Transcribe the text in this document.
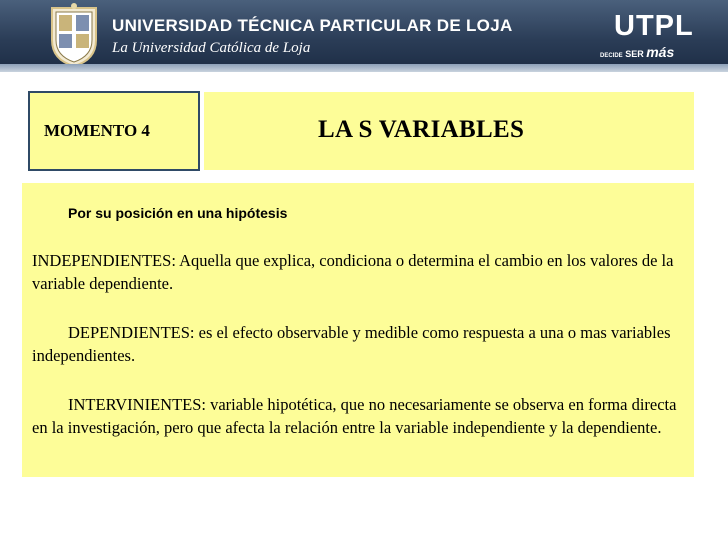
UNIVERSIDAD TÉCNICA PARTICULAR DE LOJA
La Universidad Católica de Loja
UTPL
DECIDE SER más
MOMENTO 4	LA S VARIABLES
Por su posición en una hipótesis
INDEPENDIENTES: Aquella que explica, condiciona o determina el cambio en los valores de la variable dependiente.
DEPENDIENTES: es el efecto observable y medible como respuesta a una o mas variables independientes.
INTERVINIENTES: variable hipotética, que no necesariamente se observa en forma directa en la investigación, pero que afecta la relación entre la variable independiente y la dependiente.
